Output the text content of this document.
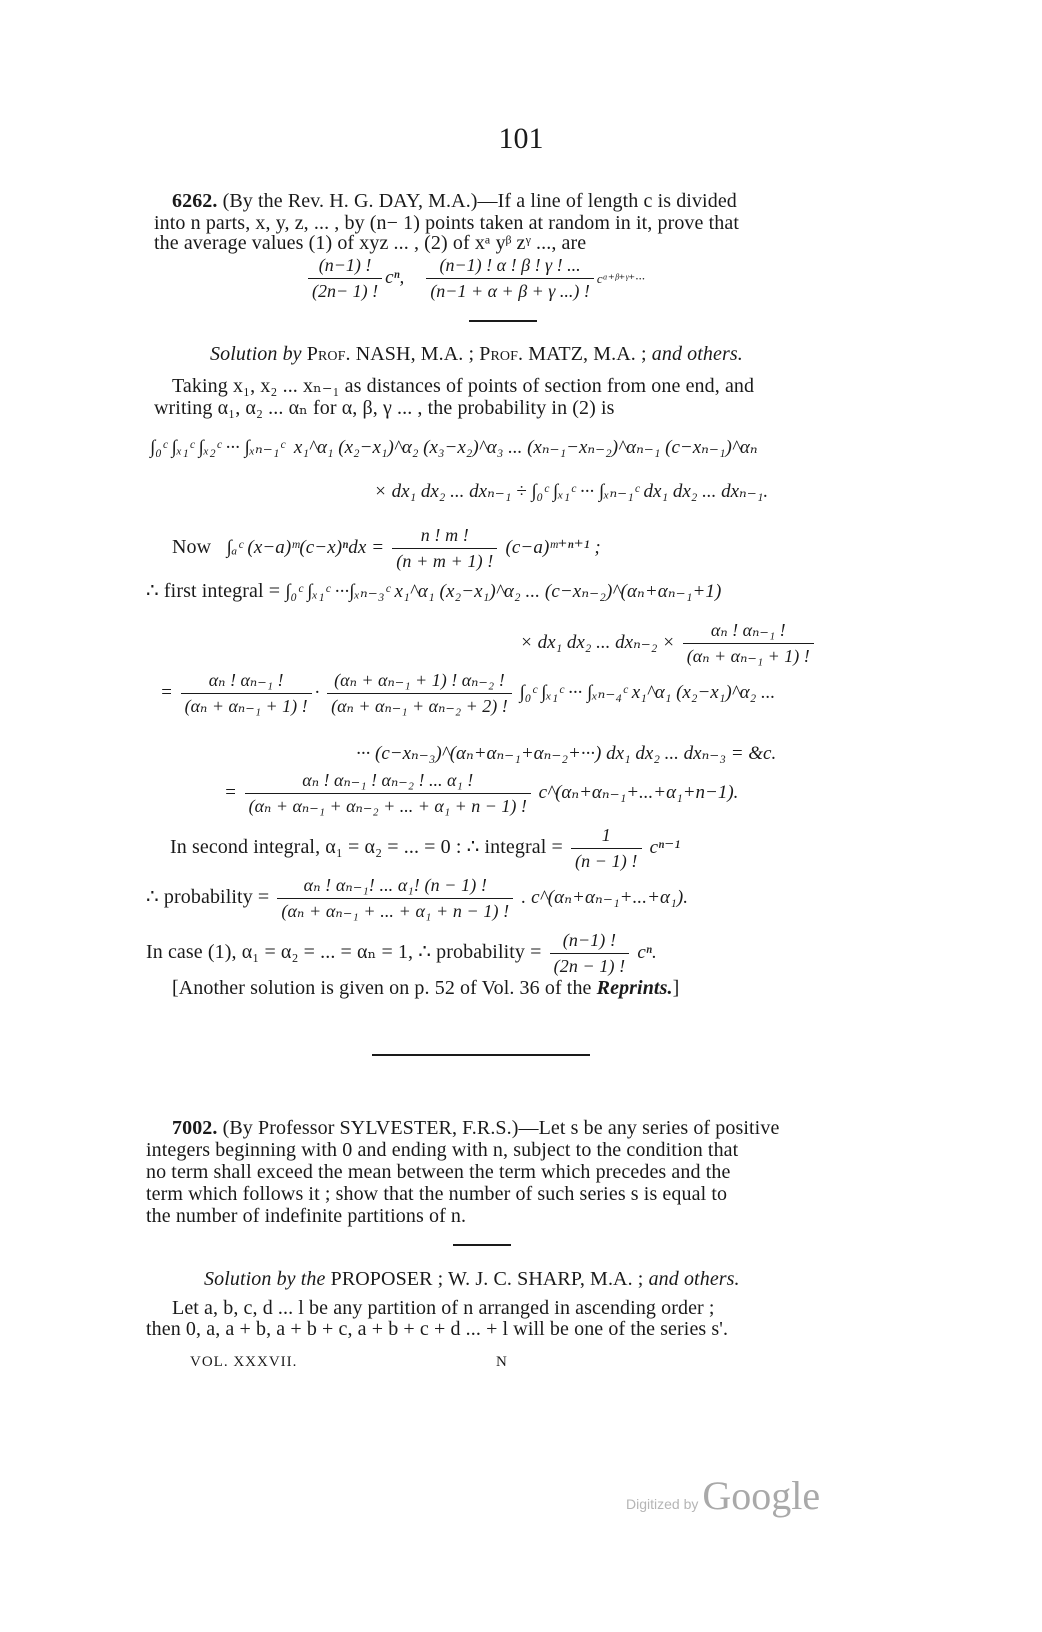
101
6262. (By the Rev. H. G. DAY, M.A.)—If a line of length c is divided
into n parts, x, y, z, ... , by (n− 1) points taken at random in it, prove that
the average values (1) of xyz ... , (2) of xᵃ yᵝ zᵞ ..., are
$\frac{(n-1) !}{(2n- 1) !} c^n$, $\frac{(n-1) ! \alpha ! \beta ! \gamma ! ...}{(n-1 + \alpha + \beta + \gamma ...) !}$ cᵅ⁺ᵝ⁺ᵞ⁺···
Solution by Prof. NASH, M.A. ; Prof. MATZ, M.A. ; and others.
Taking x₁, x₂ ... xₙ₋₁ as distances of points of section from one end, and
writing α₁, α₂ ... αₙ for α, β, γ ... , the probability in (2) is
∫₀ᶜ ∫ₓ₁ᶜ ∫ₓ₂ᶜ ··· ∫ₓₙ₋₁ᶜ x₁^α₁ (x₂−x₁)^α₂ (x₃−x₂)^α₃ ... (xₙ₋₁−xₙ₋₂)^αₙ₋₁ (c−xₙ₋₁)^αₙ
× dx₁ dx₂ ... dxₙ₋₁ ÷ ∫₀ᶜ ∫ₓ₁ᶜ ··· ∫ₓₙ₋₁ᶜ dx₁ dx₂ ... dxₙ₋₁.
Now ∫ₐᶜ (x−a)ᵐ(c−x)ⁿdx = $\frac{n ! m !}{(n + m + 1) !}$ (c−a)ᵐ⁺ⁿ⁺¹ ;
∴ first integral = ∫₀ᶜ ∫ₓ₁ᶜ ···∫ₓₙ₋₃ᶜ x₁^α₁ (x₂−x₁)^α₂ ... (c−xₙ₋₂)^(αₙ+αₙ₋₁+1)
× dx₁ dx₂ ... $dx_{n-2} \times \frac{\text{αₙ ! αₙ₋₁ !}}{\text{(αₙ + αₙ₋₁ + 1) !}}$
= $\frac{\text{αₙ ! αₙ₋₁ !}}{\text{(αₙ + αₙ₋₁ + 1) !}} \cdot \frac{\text{(αₙ + αₙ₋₁ + 1) ! αₙ₋₂ !}}{\text{(αₙ + αₙ₋₁ + αₙ₋₂ + 2) !}}$ ∫₀ᶜ ∫ₓ₁ᶜ ··· ∫ₓₙ₋₄ᶜ x₁^α₁ (x₂−x₁)^α₂ ...
··· (c−xₙ₋₃)^(αₙ+αₙ₋₁+αₙ₋₂+···) dx₁ dx₂ ... dxₙ₋₃ = &c.
= $\frac{\text{αₙ ! αₙ₋₁ ! αₙ₋₂ ! ... α₁ !}}{\text{(αₙ + αₙ₋₁ + αₙ₋₂ + ... + α₁ + n − 1) !}}$ c^(αₙ+αₙ₋₁+...+α₁+n−1).
In second integral, α₁ = α₂ = ... = 0 : ∴ integral = $\frac{1}{(n - 1) !} c^{n-1}$
∴ probability = $\frac{\text{αₙ ! αₙ₋₁! ... α₁! (n − 1) !}}{\text{(αₙ + αₙ₋₁ + ... + α₁ + n − 1) !}}$ . c^(αₙ+αₙ₋₁+...+α₁).
In case (1), α₁ = α₂ = ... = αₙ = 1, ∴ probability = $\frac{(n-1) !}{(2n - 1) !} c^n$.
[Another solution is given on p. 52 of Vol. 36 of the Reprints.]
7002. (By Professor SYLVESTER, F.R.S.)—Let s be any series of positive
integers beginning with 0 and ending with n, subject to the condition that
no term shall exceed the mean between the term which precedes and the
term which follows it ; show that the number of such series s is equal to
the number of indefinite partitions of n.
Solution by the PROPOSER ; W. J. C. SHARP, M.A. ; and others.
Let a, b, c, d ... l be any partition of n arranged in ascending order ;
then 0, a, a + b, a + b + c, a + b + c + d ... + l will be one of the series s'.
VOL. XXXVII.	N
Digitized by Google
